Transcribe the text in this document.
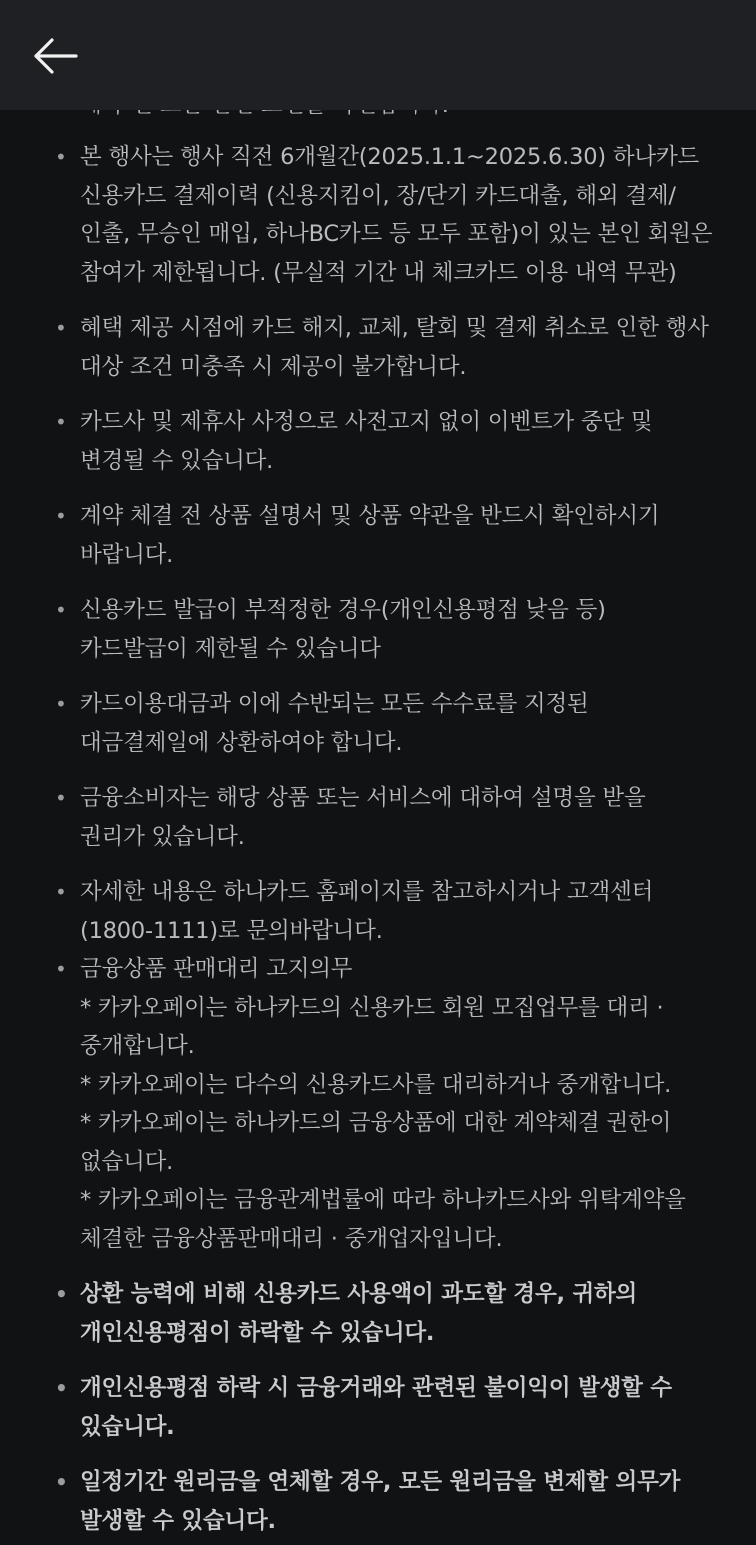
• 본 행사는 행사 직전 6개월간(2025.1.1~2025.6.30) 하나카드 신용카드 결제이력 (신용지킴이, 장/단기 카드대출, 해외 결제/인출, 무승인 매입, 하나BC카드 등 모두 포함)이 있는 본인 회원은 참여가 제한됩니다. (무실적 기간 내 체크카드 이용 내역 무관)
• 혜택 제공 시점에 카드 해지, 교체, 탈회 및 결제 취소로 인한 행사 대상 조건 미충족 시 제공이 불가합니다.
• 카드사 및 제휴사 사정으로 사전고지 없이 이벤트가 중단 및 변경될 수 있습니다.
• 계약 체결 전 상품 설명서 및 상품 약관을 반드시 확인하시기 바랍니다.
• 신용카드 발급이 부적정한 경우(개인신용평점 낮음 등) 카드발급이 제한될 수 있습니다
• 카드이용대금과 이에 수반되는 모든 수수료를 지정된 대금결제일에 상환하여야 합니다.
• 금융소비자는 해당 상품 또는 서비스에 대하여 설명을 받을 권리가 있습니다.
• 자세한 내용은 하나카드 홈페이지를 참고하시거나 고객센터(1800-1111)로 문의바랍니다.
• 금융상품 판매대리 고지의무
* 카카오페이는 하나카드의 신용카드 회원 모집업무를 대리 · 중개합니다.
* 카카오페이는 다수의 신용카드사를 대리하거나 중개합니다.
* 카카오페이는 하나카드의 금융상품에 대한 계약체결 권한이 없습니다.
* 카카오페이는 금융관계법률에 따라 하나카드사와 위탁계약을 체결한 금융상품판매대리 · 중개업자입니다.
• 상환 능력에 비해 신용카드 사용액이 과도할 경우, 귀하의 개인신용평점이 하락할 수 있습니다.
• 개인신용평점 하락 시 금융거래와 관련된 불이익이 발생할 수 있습니다.
• 일정기간 원리금을 연체할 경우, 모든 원리금을 변제할 의무가 발생할 수 있습니다.
